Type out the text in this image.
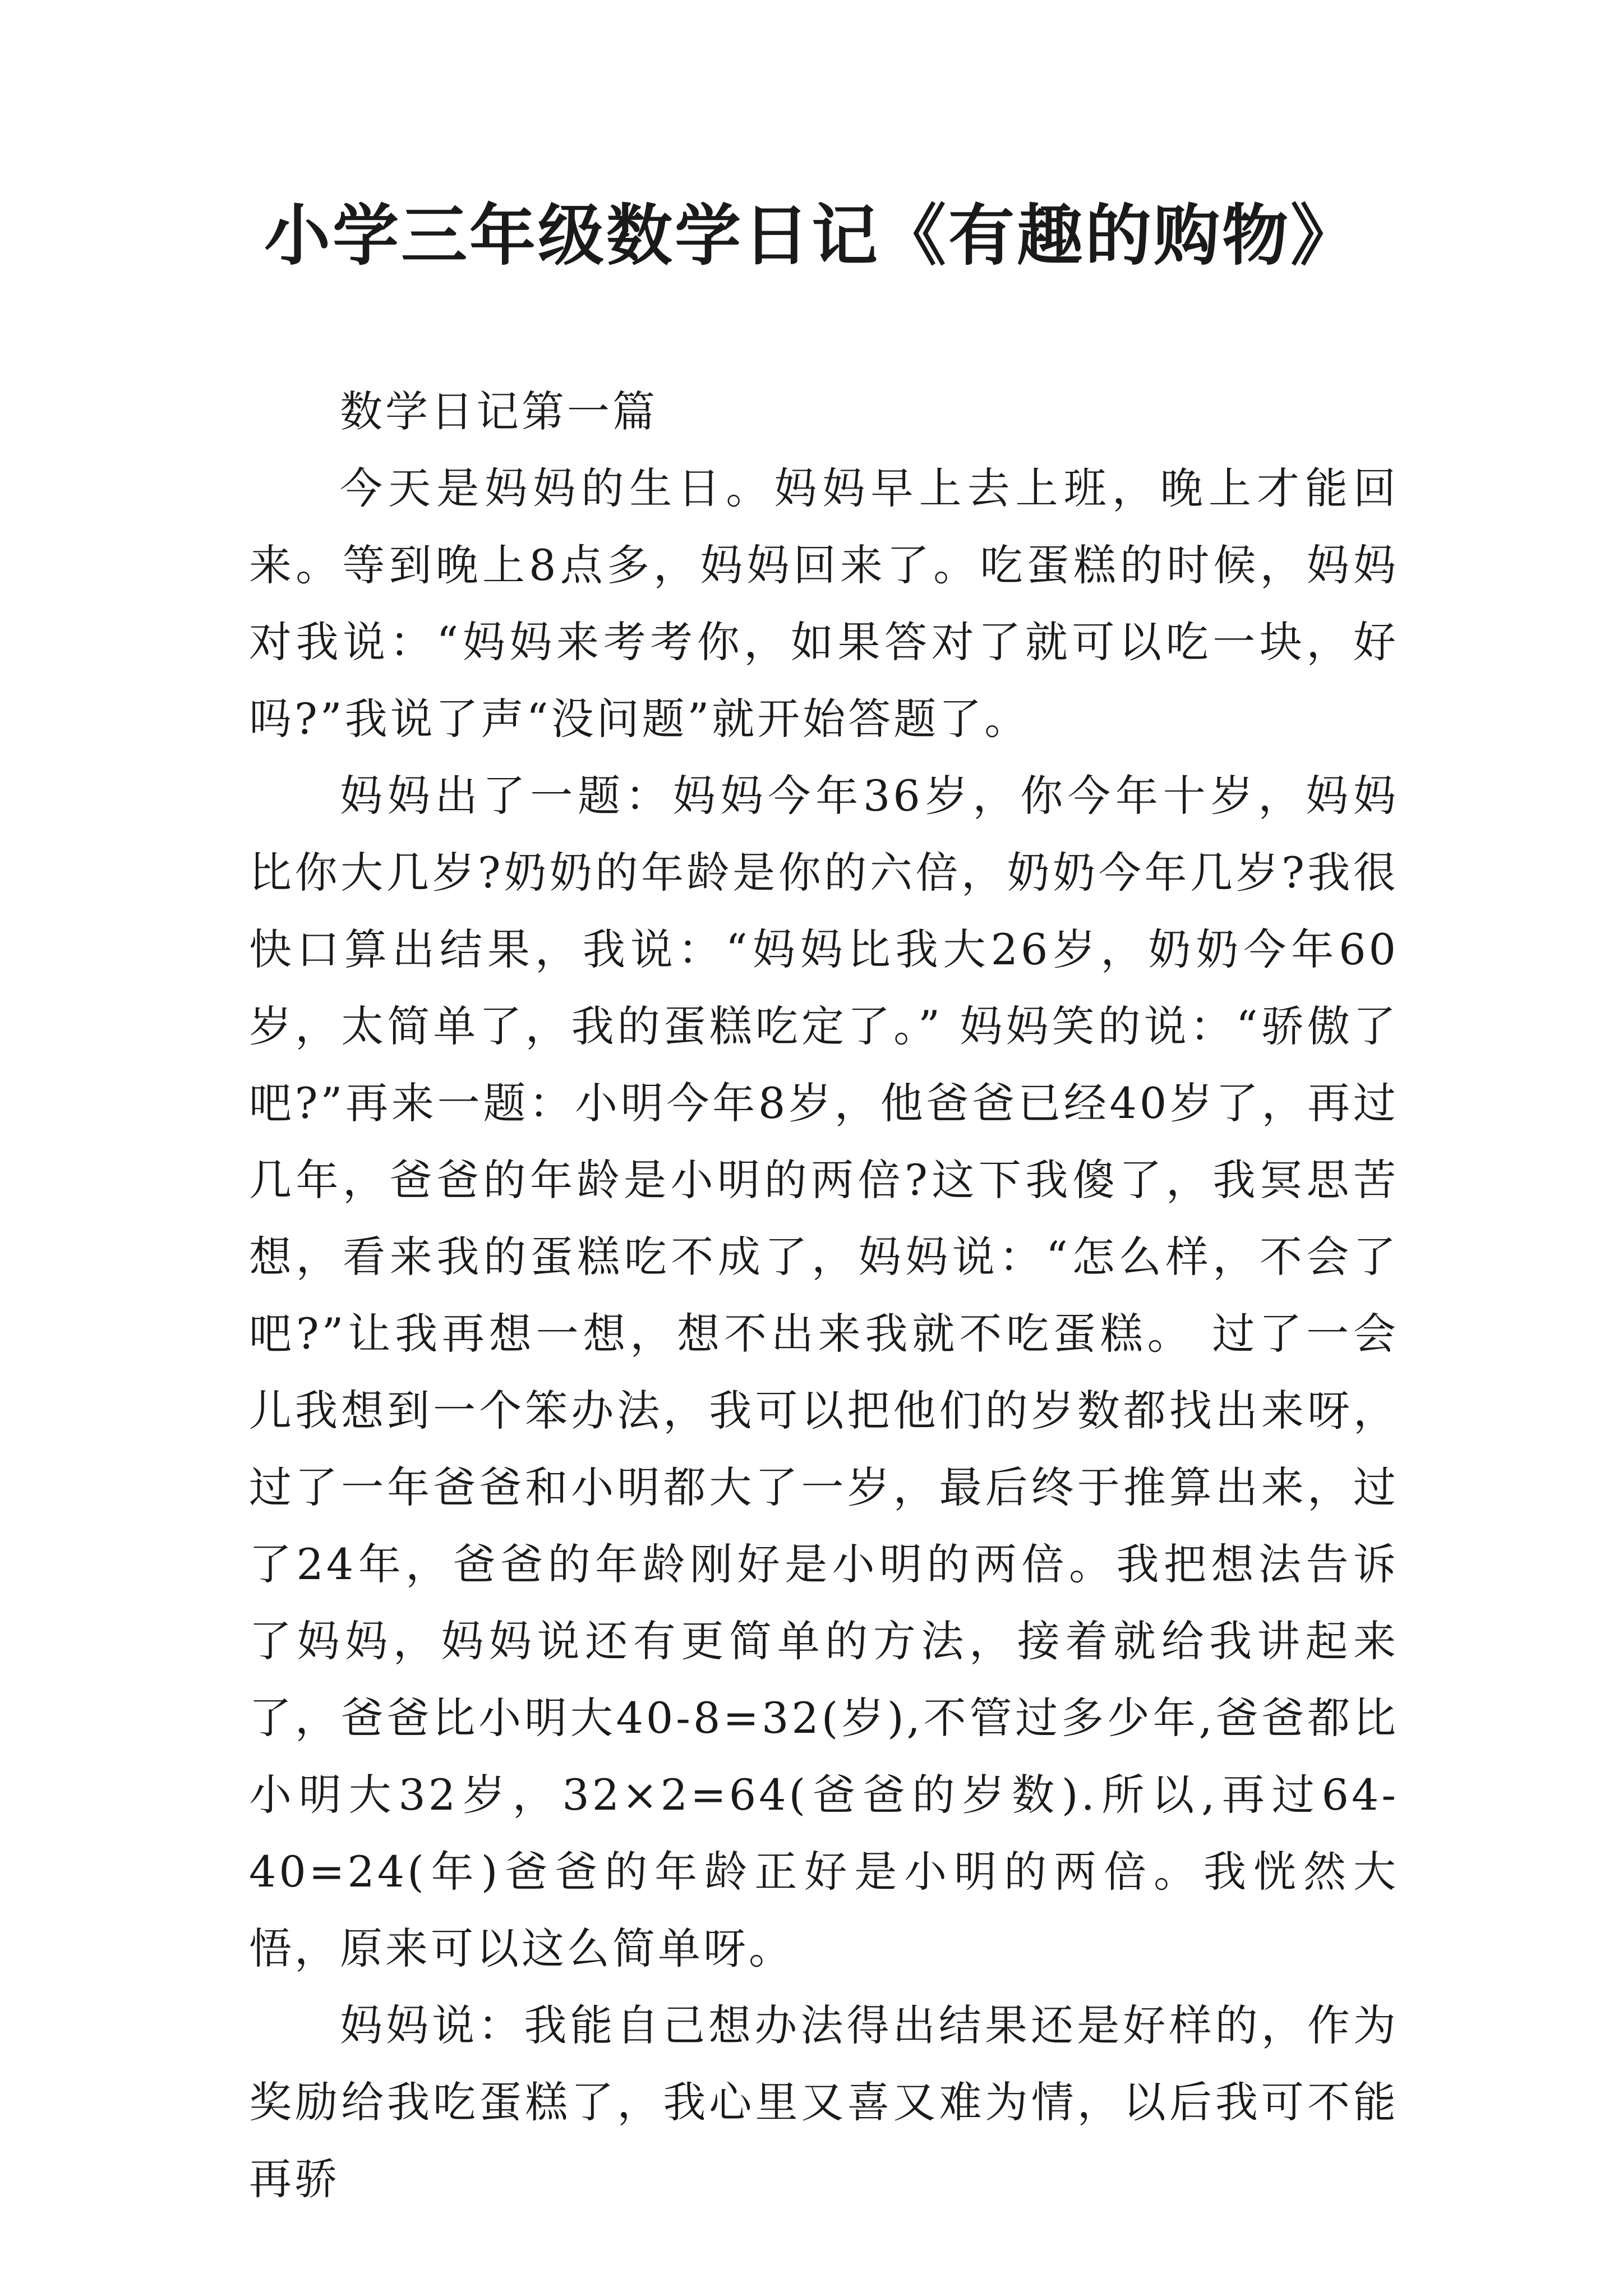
小学三年级数学日记《有趣的购物》

数学日记第一篇

今天是妈妈的生日。妈妈早上去上班，晚上才能回来。等到晚上8点多，妈妈回来了。吃蛋糕的时候，妈妈对我说：“妈妈来考考你，如果答对了就可以吃一块，好吗?”我说了声“没问题”就开始答题了。

妈妈出了一题：妈妈今年36岁，你今年十岁，妈妈比你大几岁?奶奶的年龄是你的六倍，奶奶今年几岁?我很快口算出结果，我说：“妈妈比我大26岁，奶奶今年60岁，太简单了，我的蛋糕吃定了。” 妈妈笑的说：“骄傲了吧?”再来一题：小明今年8岁，他爸爸已经40岁了，再过几年，爸爸的年龄是小明的两倍?这下我傻了，我冥思苦想，看来我的蛋糕吃不成了，妈妈说：“怎么样，不会了吧?”让我再想一想，想不出来我就不吃蛋糕。 过了一会儿我想到一个笨办法，我可以把他们的岁数都找出来呀，过了一年爸爸和小明都大了一岁，最后终于推算出来，过了24年，爸爸的年龄刚好是小明的两倍。我把想法告诉了妈妈，妈妈说还有更简单的方法，接着就给我讲起来了，爸爸比小明大40-8=32(岁),不管过多少年,爸爸都比小明大32岁，32×2=64(爸爸的岁数).所以,再过64-40=24(年)爸爸的年龄正好是小明的两倍。我恍然大悟，原来可以这么简单呀。

妈妈说：我能自己想办法得出结果还是好样的，作为奖励给我吃蛋糕了，我心里又喜又难为情，以后我可不能再骄
